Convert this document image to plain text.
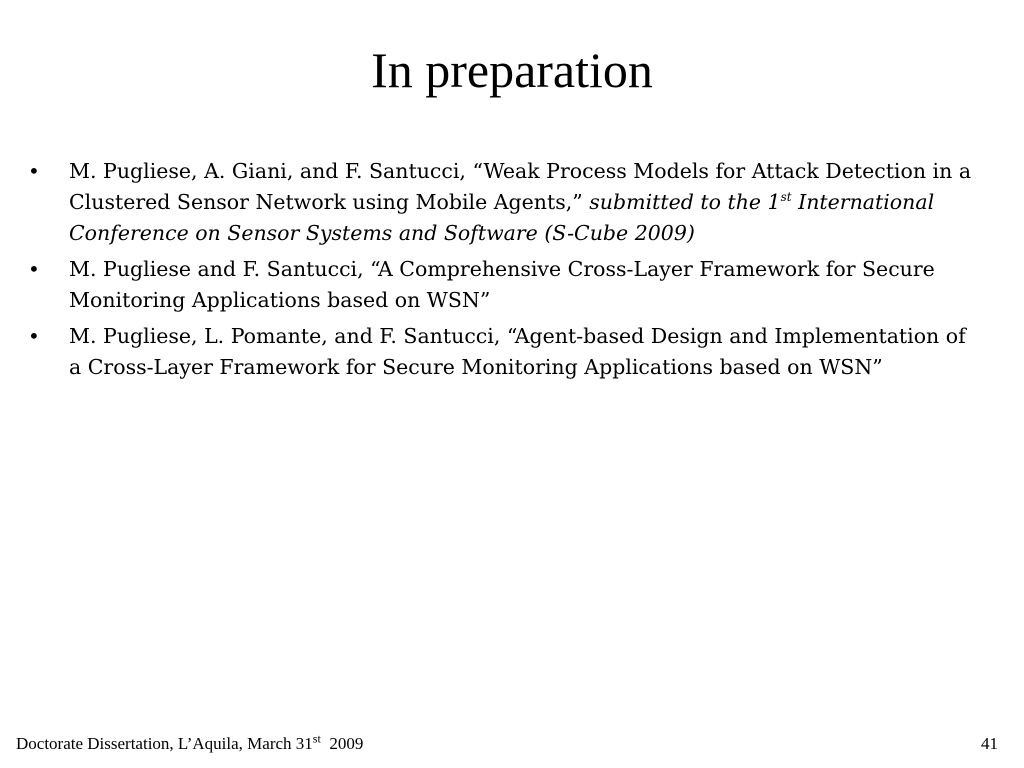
In preparation
•	M. Pugliese, A. Giani, and F. Santucci, “Weak Process Models for Attack Detection in a Clustered Sensor Network using Mobile Agents,” submitted to the 1st International Conference on Sensor Systems and Software (S-Cube 2009)
•	M. Pugliese and F. Santucci, “A Comprehensive Cross-Layer Framework for Secure Monitoring Applications based on WSN”
•	M. Pugliese, L. Pomante, and F. Santucci, “Agent-based Design and Implementation of a Cross-Layer Framework for Secure Monitoring Applications based on WSN”
Doctorate Dissertation, L’Aquila, March 31st  2009	41
